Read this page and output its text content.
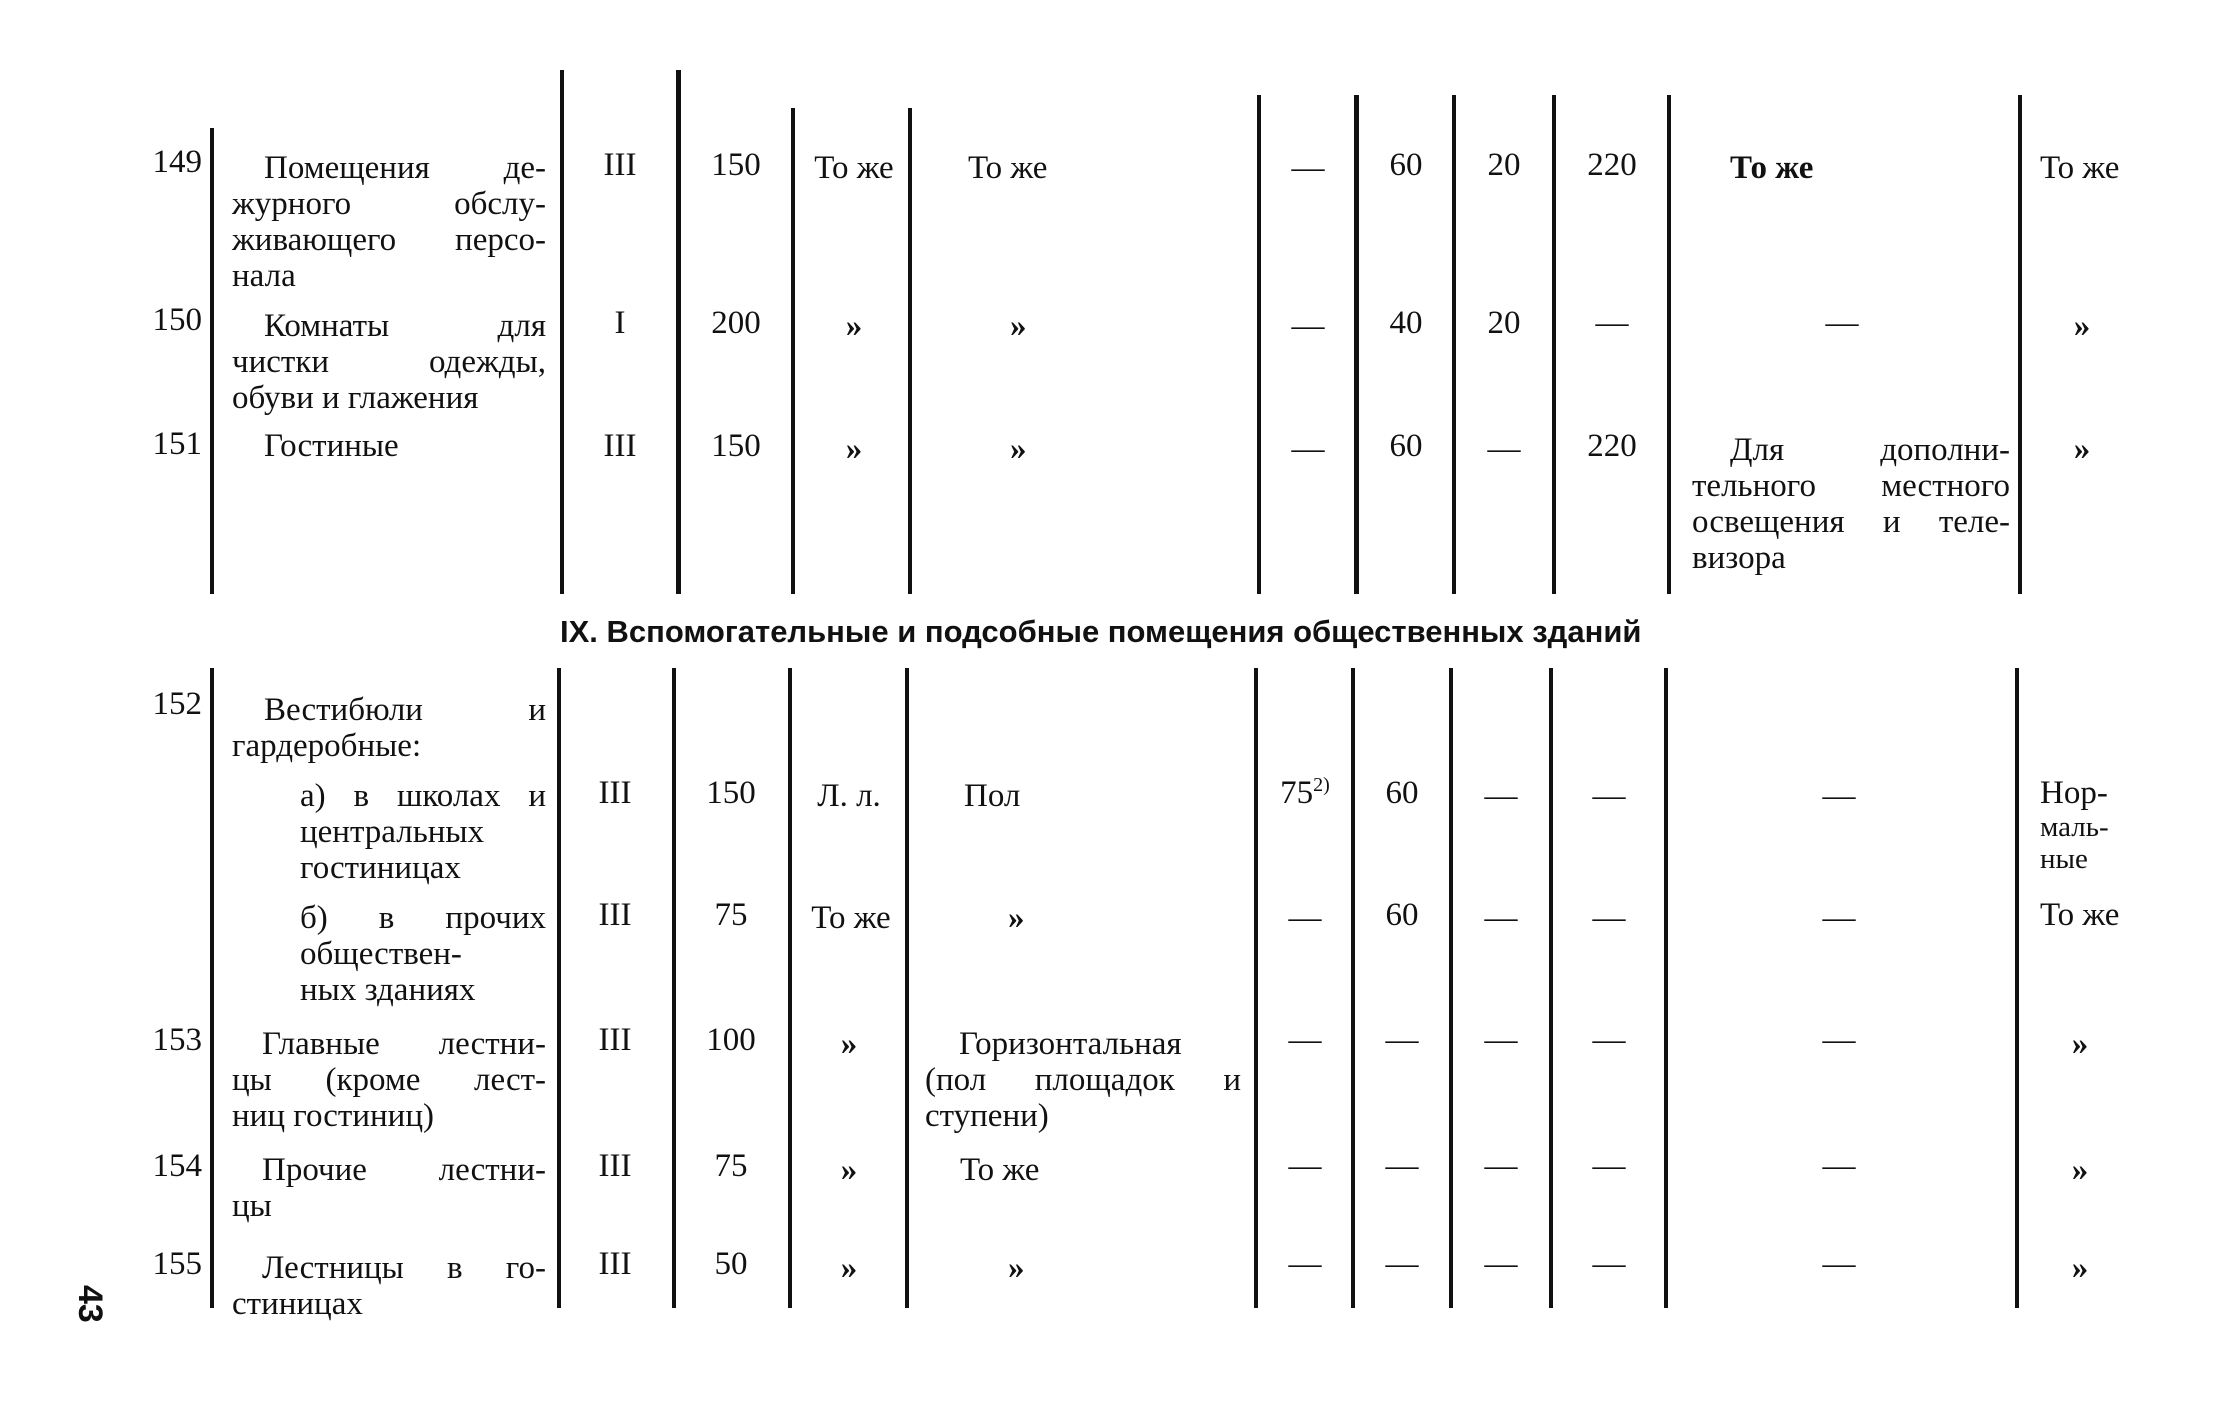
149	Помещения де-
журного обслу-
живающего персо-
нала
III	150	То же	То же	—	60	20	220	То же	То же
150	Комнаты для
чистки одежды,
обуви и глажения
I	200	»	»	—	40	20	—	—	»
151	Гостиные	III	150	»	»	—	60	—	220	Для дополни-
тельного местного
освещения и теле-
визора
»
IX. Вспомогательные и подсобные помещения общественных зданий
152	Вестибюли и
гардеробные:
а) в школах и
центральных
гостиницах
III	150	Л. л.	Пол	75$^{2)}$	60	—	—	—	Нор-
маль-
ные
б) в прочих
обществен-
ных зданиях
III	75	То же	»	—	60	—	—	—	То же
153	Главные лестни-
цы (кроме лест-
ниц гостиниц)
III	100	»	Горизонтальная
(пол площадок и
ступени)
—	—	—	—	—	»
154	Прочие лестни-
цы
III	75	»	То же	—	—	—	—	—	»
155	Лестницы в го-
стиницах
III	50	»	»	—	—	—	—	—	»
43
